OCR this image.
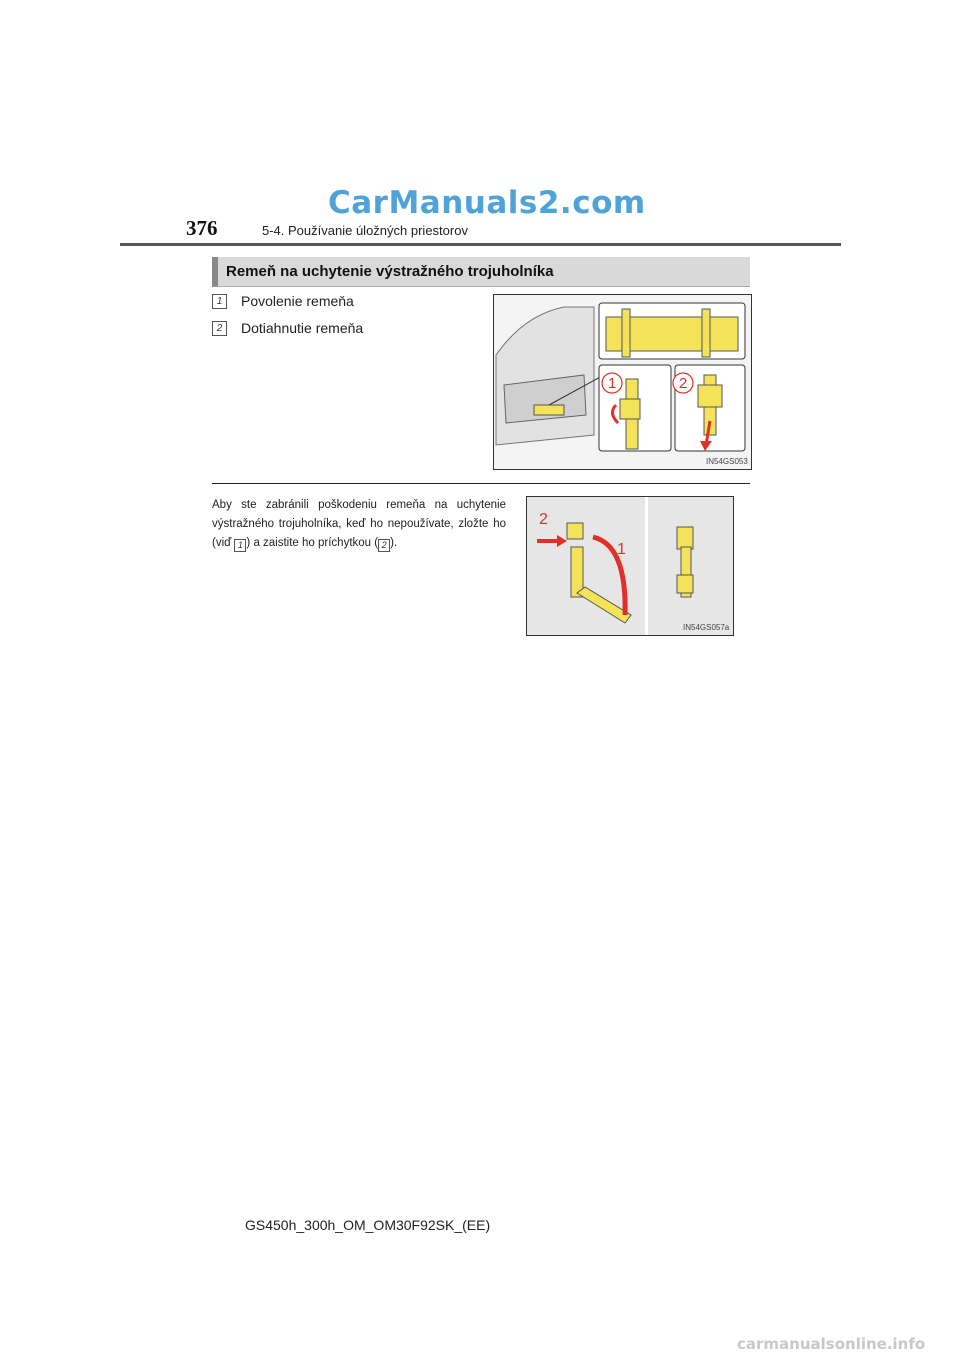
CarManuals2.com
376	5-4. Používanie úložných priestorov
Remeň na uchytenie výstražného trojuholníka
1	Povolenie remeňa
2	Dotiahnutie remeňa
1	2
IN54GS053
Aby ste zabránili poškodeniu remeňa na uchytenie výstražného trojuholníka, keď ho nepoužívate, zložte ho (viď 1 ) a zaistite ho príchytkou ( 2 ).
2
1
IN54GS057a
GS450h_300h_OM_OM30F92SK_(EE)
carmanualsonline.info
